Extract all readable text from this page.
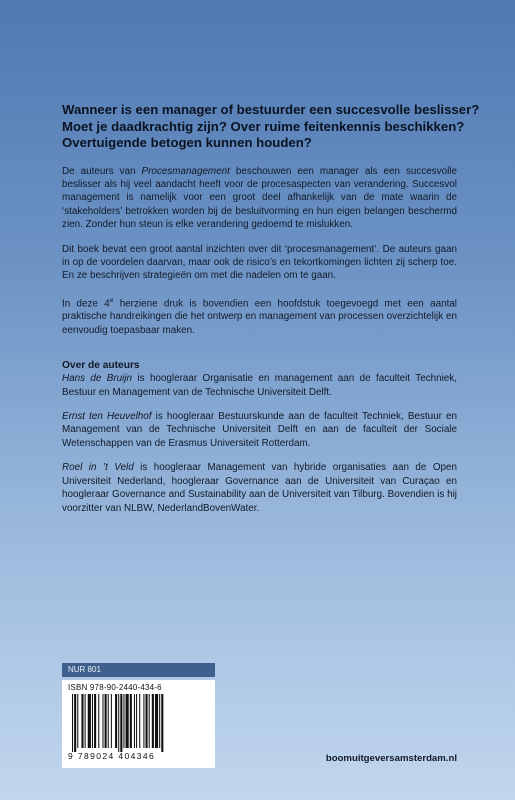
Wanneer is een manager of bestuurder een succesvolle beslisser?
Moet je daadkrachtig zijn? Over ruime feitenkennis beschikken?
Overtuigende betogen kunnen houden?

De auteurs van Procesmanagement beschouwen een manager als een succesvolle beslisser als hij veel aandacht heeft voor de procesaspecten van verandering. Succesvol management is namelijk voor een groot deel afhankelijk van de mate waarin de ‘stakeholders’ betrokken worden bij de besluitvorming en hun eigen belangen beschermd zien. Zonder hun steun is elke verandering gedoemd te mislukken.

Dit boek bevat een groot aantal inzichten over dit ‘procesmanagement’. De auteurs gaan in op de voordelen daarvan, maar ook de risico’s en tekortkomingen lichten zij scherp toe. En ze beschrijven strategieën om met die nadelen om te gaan.

In deze 4e herziene druk is bovendien een hoofdstuk toegevoegd met een aantal praktische handreikingen die het ontwerp en management van processen overzichtelijk en eenvoudig toepasbaar maken.

Over de auteurs

Hans de Bruijn is hoogleraar Organisatie en management aan de faculteit Techniek, Bestuur en Management van de Technische Universiteit Delft.

Ernst ten Heuvelhof is hoogleraar Bestuurskunde aan de faculteit Techniek, Bestuur en Management van de Technische Universiteit Delft en aan de faculteit der Sociale Wetenschappen van de Erasmus Universiteit Rotterdam.

Roel in ’t Veld is hoogleraar Management van hybride organisaties aan de Open Universiteit Nederland, hoogleraar Governance aan de Universiteit van Curaçao en hoogleraar Governance and Sustainability aan de Universiteit van Tilburg. Bovendien is hij voorzitter van NLBW, NederlandBovenWater.

NUR 801
ISBN 978-90-2440-434-6
9 789024 404346	boomuitgeversamsterdam.nl
